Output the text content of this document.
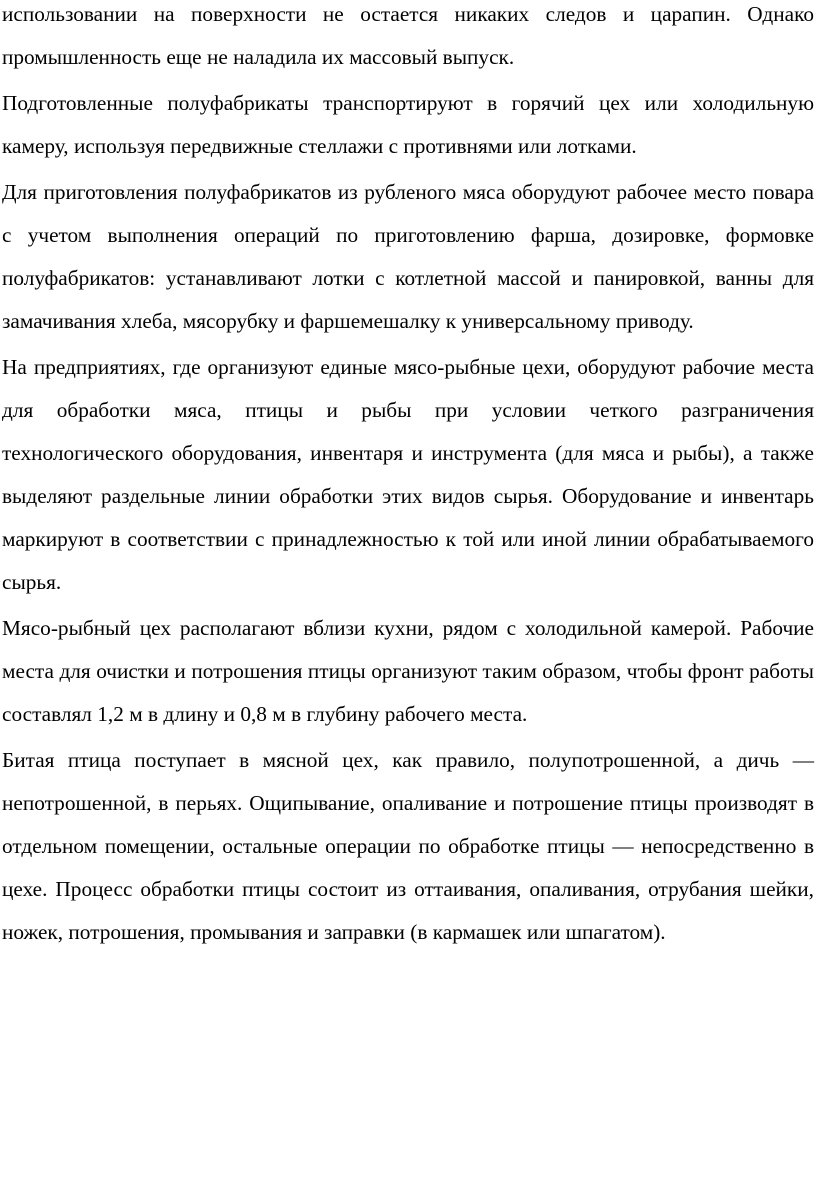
использовании на поверхности не остается никаких следов и царапин. Однако промышленность еще не наладила их массовый выпуск.

Подготовленные полуфабрикаты транспортируют в горячий цех или холодильную камеру, используя передвижные стеллажи с противнями или лотками.

Для приготовления полуфабрикатов из рубленого мяса оборудуют рабочее место повара с учетом выполнения операций по приготовлению фарша, дозировке, формовке полуфабрикатов: устанавливают лотки с котлетной массой и панировкой, ванны для замачивания хлеба, мясорубку и фаршемешалку к универсальному приводу.

На предприятиях, где организуют единые мясо-рыбные цехи, оборудуют рабочие места для обработки мяса, птицы и рыбы при условии четкого разграничения технологического оборудования, инвентаря и инструмента (для мяса и рыбы), а также выделяют раздельные линии обработки этих видов сырья. Оборудование и инвентарь маркируют в соответствии с принадлежностью к той или иной линии обрабатываемого сырья.

Мясо-рыбный цех располагают вблизи кухни, рядом с холодильной камерой. Рабочие места для очистки и потрошения птицы организуют таким образом, чтобы фронт работы составлял 1,2 м в длину и 0,8 м в глубину рабочего места.

Битая птица поступает в мясной цех, как правило, полупотрошенной, а дичь — непотрошенной, в перьях. Ощипывание, опаливание и потрошение птицы производят в отдельном помещении, остальные операции по обработке птицы — непосредственно в цехе. Процесс обработки птицы состоит из оттаивания, опаливания, отрубания шейки, ножек, потрошения, промывания и заправки (в кармашек или шпагатом).
